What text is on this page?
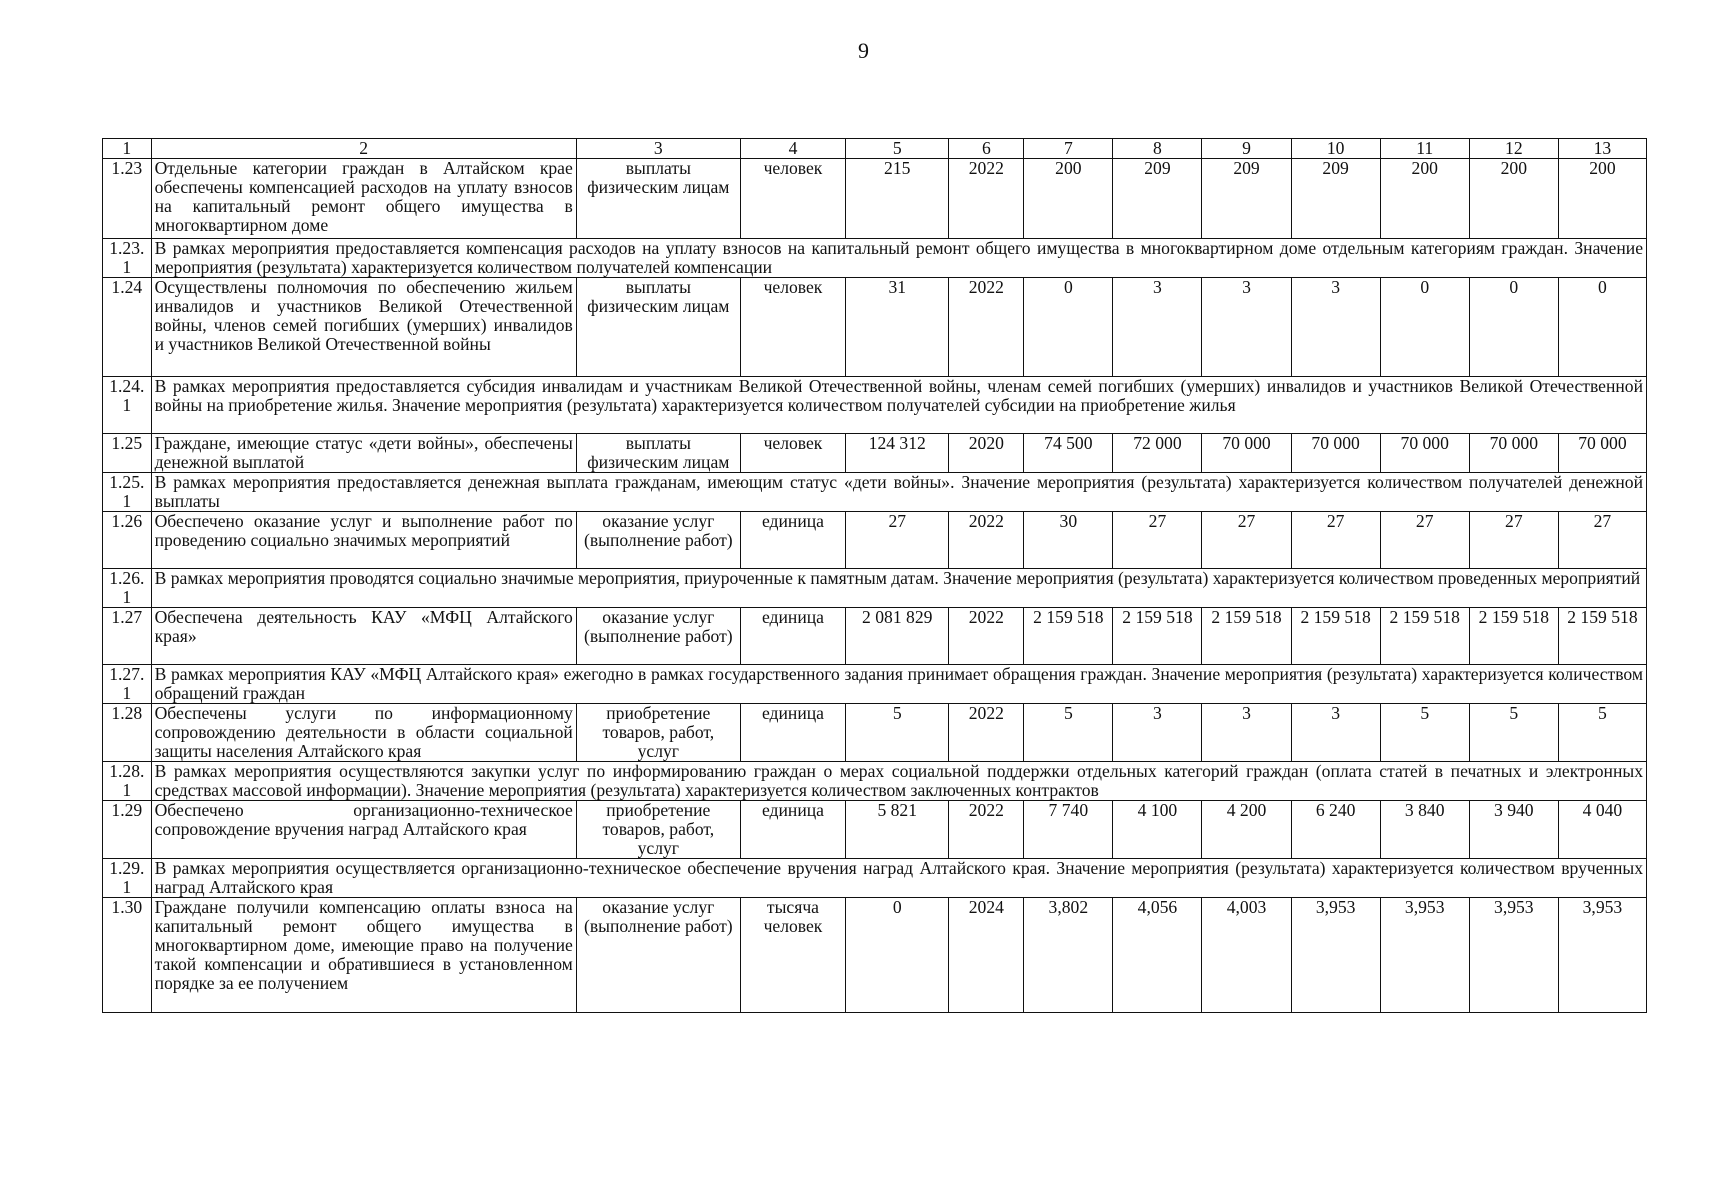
9
1	2	3	4	5	6	7	8	9	10	11	12	13
1.23	Отдельные категории граждан в Алтайском крае обеспечены компенсацией расходов на уплату взносов на капитальный ремонт общего имущества в многоквартирном доме	выплаты физическим лицам	человек	215	2022	200	209	209	209	200	200	200
1.23.1	В рамках мероприятия предоставляется компенсация расходов на уплату взносов на капитальный ремонт общего имущества в многоквартирном доме отдельным категориям граждан. Значение мероприятия (результата) характеризуется количеством получателей компенсации											
1.24	Осуществлены полномочия по обеспечению жильем инвалидов и участников Великой Отечественной войны, членов семей погибших (умерших) инвалидов и участников Великой Отечественной войны	выплаты физическим лицам	человек	31	2022	0	3	3	3	0	0	0
1.24.1	В рамках мероприятия предоставляется субсидия инвалидам и участникам Великой Отечественной войны, членам семей погибших (умерших) инвалидов и участников Великой Отечественной войны на приобретение жилья. Значение мероприятия (результата) характеризуется количеством получателей субсидии на приобретение жилья											
1.25	Граждане, имеющие статус «дети войны», обеспечены денежной выплатой	выплаты физическим лицам	человек	124 312	2020	74 500	72 000	70 000	70 000	70 000	70 000	70 000
1.25.1	В рамках мероприятия предоставляется денежная выплата гражданам, имеющим статус «дети войны». Значение мероприятия (результата) характеризуется количеством получателей денежной выплаты											
1.26	Обеспечено оказание услуг и выполнение работ по проведению социально значимых мероприятий	оказание услуг (выполнение работ)	единица	27	2022	30	27	27	27	27	27	27
1.26.1	В рамках мероприятия проводятся социально значимые мероприятия, приуроченные к памятным датам. Значение мероприятия (результата) характеризуется количеством проведенных мероприятий											
1.27	Обеспечена деятельность КАУ «МФЦ Алтайского края»	оказание услуг (выполнение работ)	единица	2 081 829	2022	2 159 518	2 159 518	2 159 518	2 159 518	2 159 518	2 159 518	2 159 518
1.27.1	В рамках мероприятия КАУ «МФЦ Алтайского края» ежегодно в рамках государственного задания принимает обращения граждан. Значение мероприятия (результата) характеризуется количеством обращений граждан											
1.28	Обеспечены услуги по информационному сопровождению деятельности в области социальной защиты населения Алтайского края	приобретение товаров, работ, услуг	единица	5	2022	5	3	3	3	5	5	5
1.28.1	В рамках мероприятия осуществляются закупки услуг по информированию граждан о мерах социальной поддержки отдельных категорий граждан (оплата статей в печатных и электронных средствах массовой информации). Значение мероприятия (результата) характеризуется количеством заключенных контрактов											
1.29	Обеспечено организационно-техническое сопровождение вручения наград Алтайского края	приобретение товаров, работ, услуг	единица	5 821	2022	7 740	4 100	4 200	6 240	3 840	3 940	4 040
1.29.1	В рамках мероприятия осуществляется организационно-техническое обеспечение вручения наград Алтайского края. Значение мероприятия (результата) характеризуется количеством врученных наград Алтайского края											
1.30	Граждане получили компенсацию оплаты взноса на капитальный ремонт общего имущества в многоквартирном доме, имеющие право на получение такой компенсации и обратившиеся в установленном порядке за ее получением	оказание услуг (выполнение работ)	тысяча человек	0	2024	3,802	4,056	4,003	3,953	3,953	3,953	3,953
